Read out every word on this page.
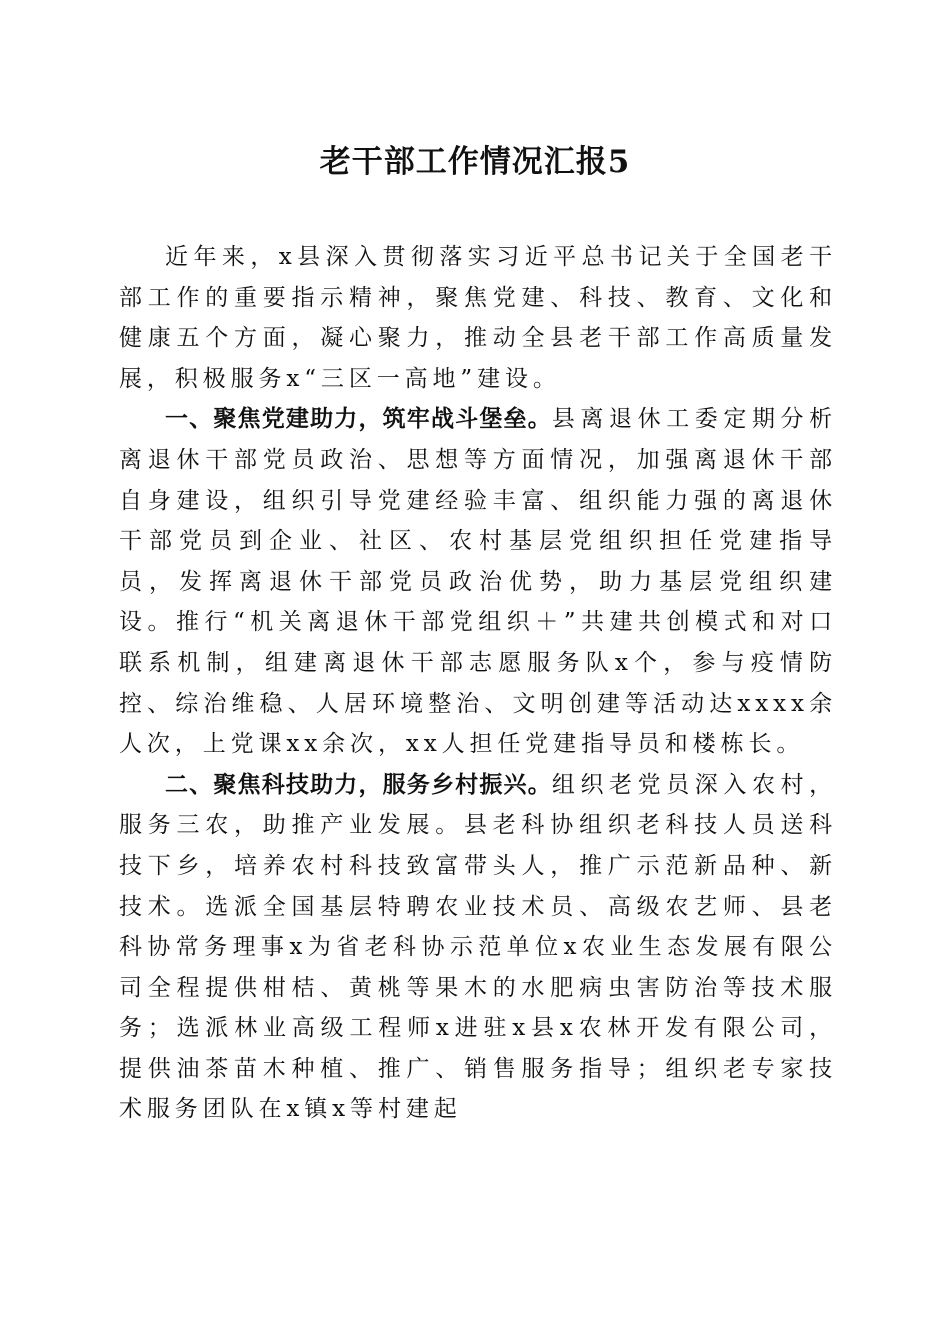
老干部工作情况汇报5

近年来，x县深入贯彻落实习近平总书记关于全国老干部工作的重要指示精神，聚焦党建、科技、教育、文化和健康五个方面，凝心聚力，推动全县老干部工作高质量发展，积极服务x“三区一高地”建设。

一、聚焦党建助力，筑牢战斗堡垒。县离退休工委定期分析离退休干部党员政治、思想等方面情况，加强离退休干部自身建设，组织引导党建经验丰富、组织能力强的离退休干部党员到企业、社区、农村基层党组织担任党建指导员，发挥离退休干部党员政治优势，助力基层党组织建设。推行“机关离退休干部党组织＋”共建共创模式和对口联系机制，组建离退休干部志愿服务队x个，参与疫情防控、综治维稳、人居环境整治、文明创建等活动达xxxx余人次，上党课xx余次，xx人担任党建指导员和楼栋长。

二、聚焦科技助力，服务乡村振兴。组织老党员深入农村，服务三农，助推产业发展。县老科协组织老科技人员送科技下乡，培养农村科技致富带头人，推广示范新品种、新技术。选派全国基层特聘农业技术员、高级农艺师、县老科协常务理事x为省老科协示范单位x农业生态发展有限公司全程提供柑桔、黄桃等果木的水肥病虫害防治等技术服务；选派林业高级工程师x进驻x县x农林开发有限公司，提供油茶苗木种植、推广、销售服务指导；组织老专家技术服务团队在x镇x等村建起
